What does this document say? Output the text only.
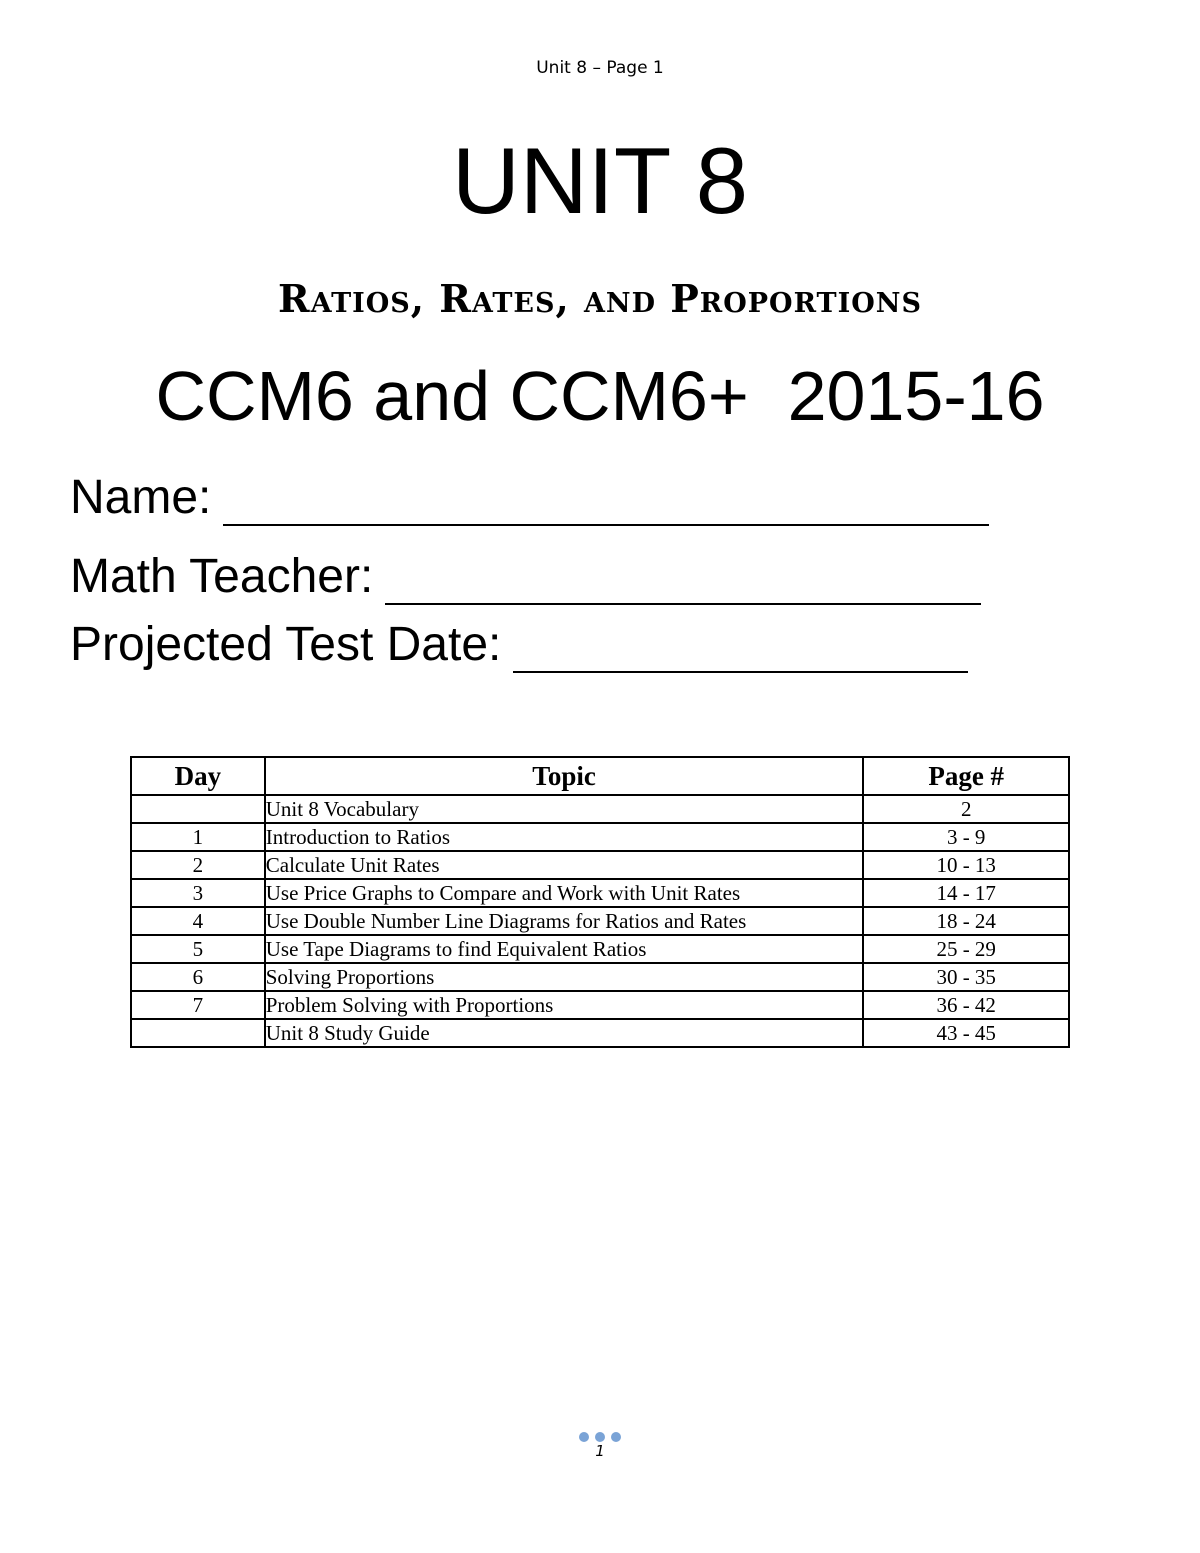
Unit 8 – Page 1
UNIT 8
Ratios, Rates, and Proportions
CCM6 and CCM6+  2015-16
Name:
Math Teacher:
Projected Test Date:
Day	Topic	Page #
	Unit 8 Vocabulary	2
1	Introduction to Ratios	3 - 9
2	Calculate Unit Rates	10 - 13
3	Use Price Graphs to Compare and Work with Unit Rates	14 - 17
4	Use Double Number Line Diagrams for Ratios and Rates	18 - 24
5	Use Tape Diagrams to find Equivalent Ratios	25 - 29
6	Solving Proportions	30 - 35
7	Problem Solving with Proportions	36 - 42
	Unit 8 Study Guide	43 - 45
1
